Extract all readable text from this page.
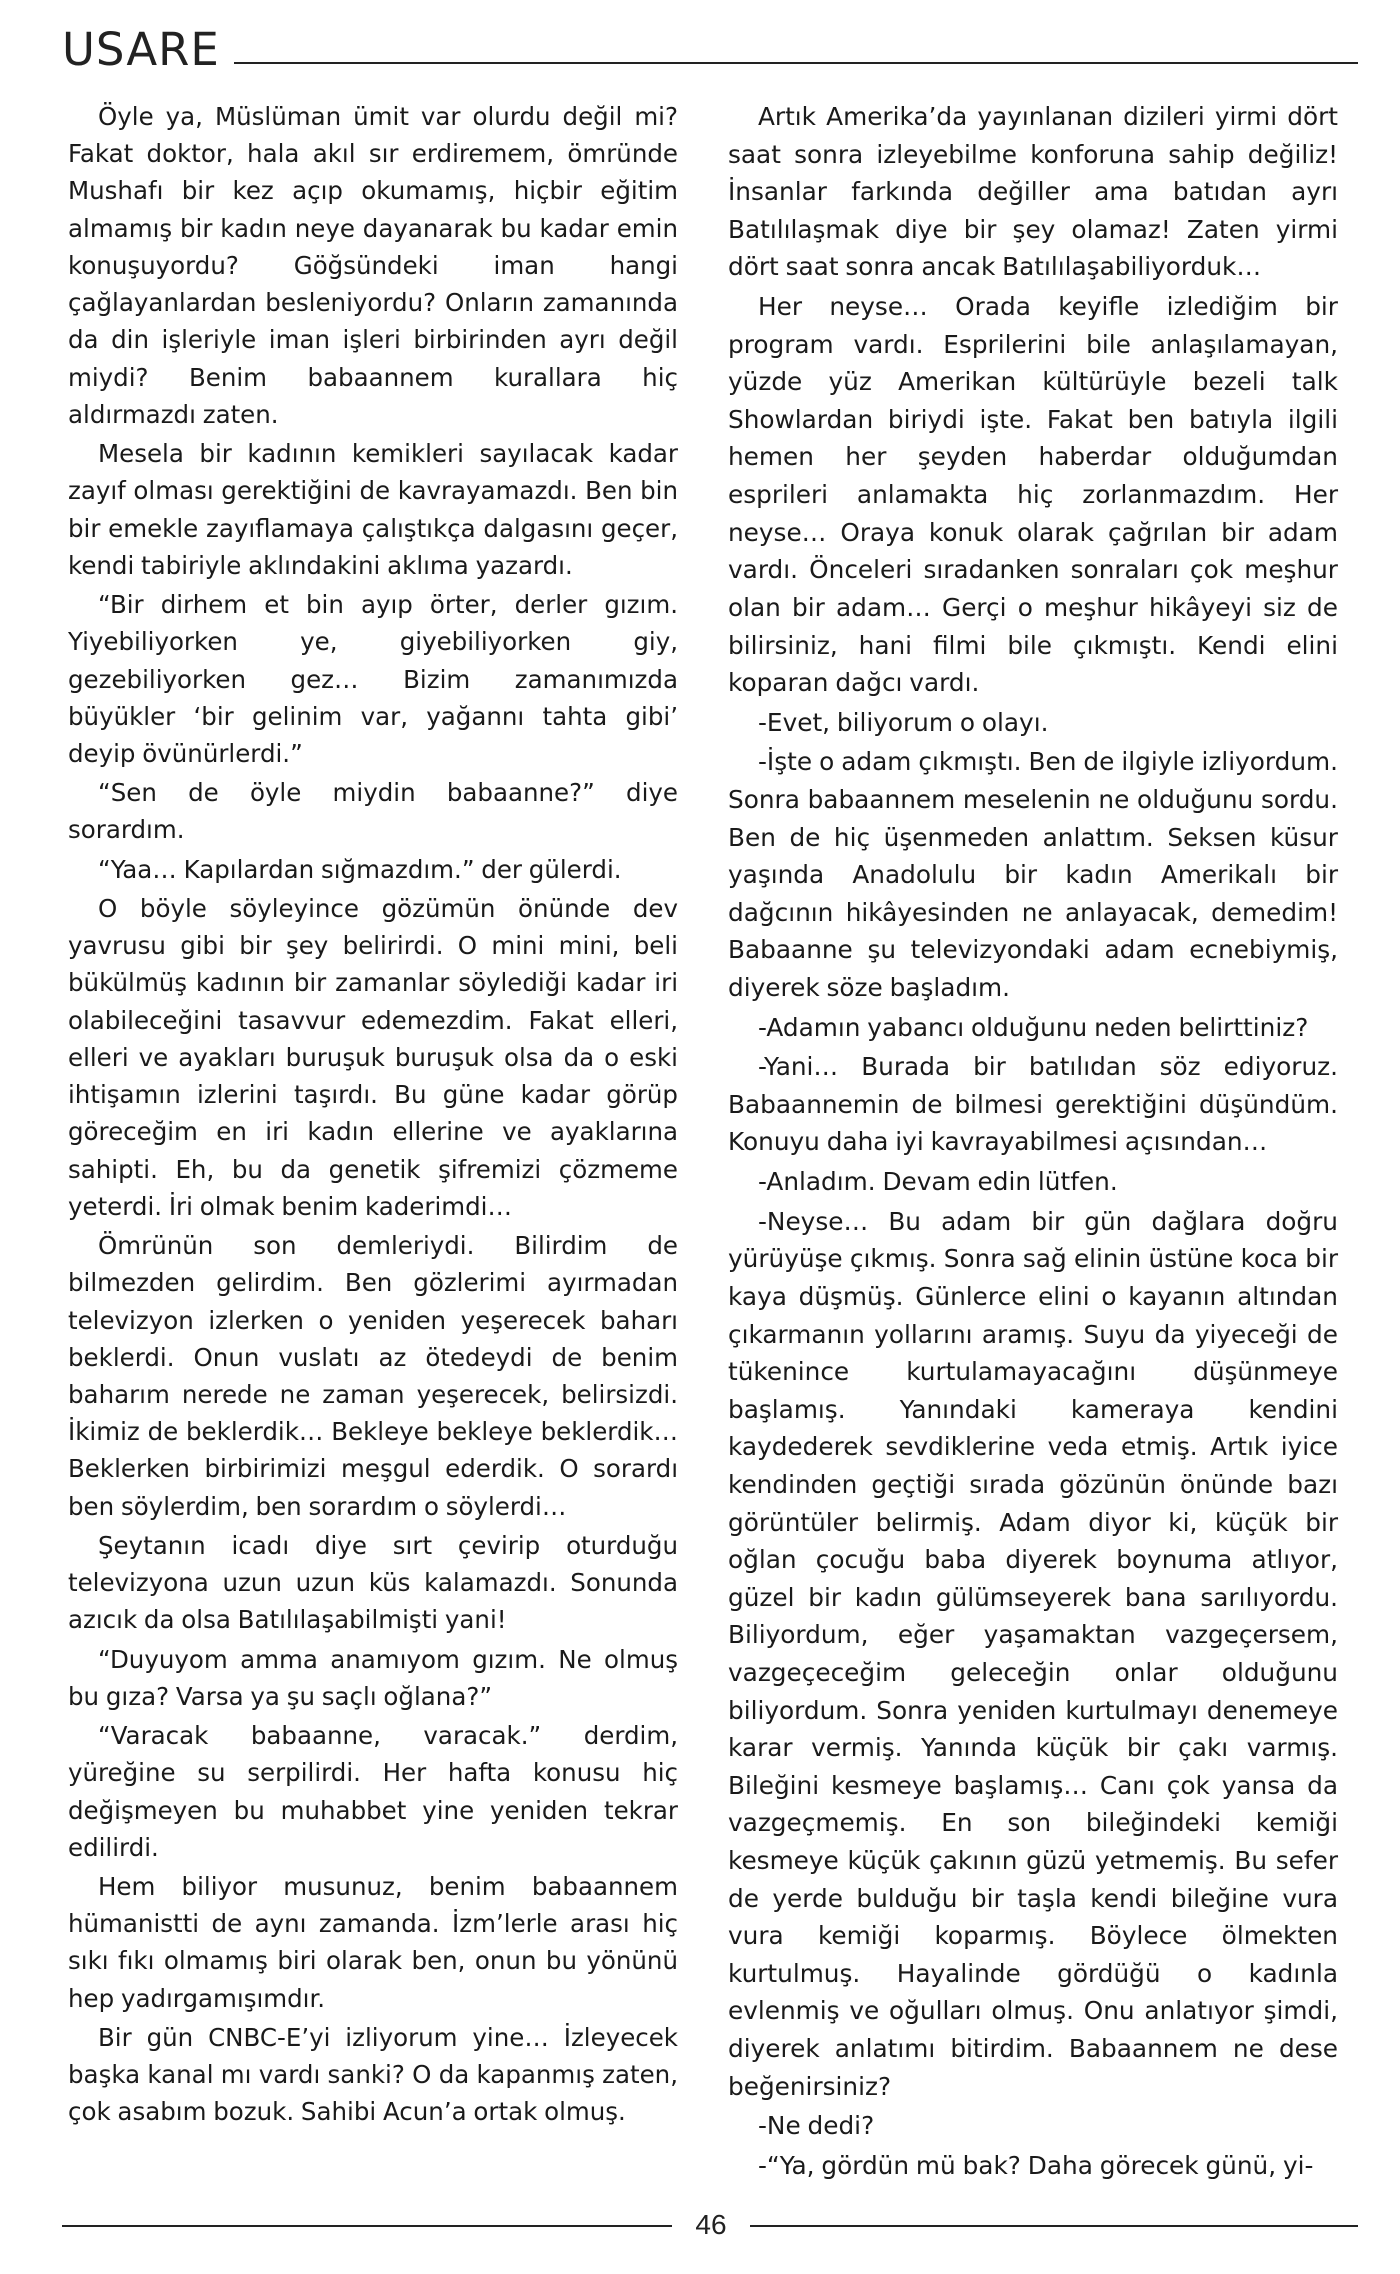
USARE

Öyle ya, Müslüman ümit var olurdu değil mi? Fakat doktor, hala akıl sır erdiremem, ömründe Mushafı bir kez açıp okumamış, hiçbir eğitim almamış bir kadın neye dayanarak bu kadar emin konuşuyordu? Göğsündeki iman hangi çağlayanlardan besleniyordu? Onların zamanında da din işleriyle iman işleri birbirinden ayrı değil miydi? Benim babaannem kurallara hiç aldırmazdı zaten.

Mesela bir kadının kemikleri sayılacak kadar zayıf olması gerektiğini de kavrayamazdı. Ben bin bir emekle zayıflamaya çalıştıkça dalgasını geçer, kendi tabiriyle aklındakini aklıma yazardı.

“Bir dirhem et bin ayıp örter, derler gızım. Yiyebiliyorken ye, giyebiliyorken giy, gezebiliyorken gez… Bizim zamanımızda büyükler ‘bir gelinim var, yağannı tahta gibi’ deyip övünürlerdi.”

“Sen de öyle miydin babaanne?” diye sorardım.

“Yaa… Kapılardan sığmazdım.” der gülerdi.

O böyle söyleyince gözümün önünde dev yavrusu gibi bir şey belirirdi. O mini mini, beli bükülmüş kadının bir zamanlar söylediği kadar iri olabileceğini tasavvur edemezdim. Fakat elleri, elleri ve ayakları buruşuk buruşuk olsa da o eski ihtişamın izlerini taşırdı. Bu güne kadar görüp göreceğim en iri kadın ellerine ve ayaklarına sahipti. Eh, bu da genetik şifremizi çözmeme yeterdi. İri olmak benim kaderimdi…

Ömrünün son demleriydi. Bilirdim de bilmezden gelirdim. Ben gözlerimi ayırmadan televizyon izlerken o yeniden yeşerecek baharı beklerdi. Onun vuslatı az ötedeydi de benim baharım nerede ne zaman yeşerecek, belirsizdi. İkimiz de beklerdik… Bekleye bekleye beklerdik… Beklerken birbirimizi meşgul ederdik. O sorardı ben söylerdim, ben sorardım o söylerdi…

Şeytanın icadı diye sırt çevirip oturduğu televizyona uzun uzun küs kalamazdı. Sonunda azıcık da olsa Batılılaşabilmişti yani!

“Duyuyom amma anamıyom gızım. Ne olmuş bu gıza? Varsa ya şu saçlı oğlana?”

“Varacak babaanne, varacak.” derdim, yüreğine su serpilirdi. Her hafta konusu hiç değişmeyen bu muhabbet yine yeniden tekrar edilirdi.

Hem biliyor musunuz, benim babaannem hümanistti de aynı zamanda. İzm’lerle arası hiç sıkı fıkı olmamış biri olarak ben, onun bu yönünü hep yadırgamışımdır.

Bir gün CNBC-E’yi izliyorum yine… İzleyecek başka kanal mı vardı sanki? O da kapanmış zaten, çok asabım bozuk. Sahibi Acun’a ortak olmuş.

Artık Amerika’da yayınlanan dizileri yirmi dört saat sonra izleyebilme konforuna sahip değiliz! İnsanlar farkında değiller ama batıdan ayrı Batılılaşmak diye bir şey olamaz! Zaten yirmi dört saat sonra ancak Batılılaşabiliyorduk…

Her neyse… Orada keyifle izlediğim bir program vardı. Esprilerini bile anlaşılamayan, yüzde yüz Amerikan kültürüyle bezeli talk Showlardan biriydi işte. Fakat ben batıyla ilgili hemen her şeyden haberdar olduğumdan esprileri anlamakta hiç zorlanmazdım. Her neyse… Oraya konuk olarak çağrılan bir adam vardı. Önceleri sıradanken sonraları çok meşhur olan bir adam… Gerçi o meşhur hikâyeyi siz de bilirsiniz, hani filmi bile çıkmıştı. Kendi elini koparan dağcı vardı.

-Evet, biliyorum o olayı.

-İşte o adam çıkmıştı. Ben de ilgiyle izliyordum. Sonra babaannem meselenin ne olduğunu sordu. Ben de hiç üşenmeden anlattım. Seksen küsur yaşında Anadolulu bir kadın Amerikalı bir dağcının hikâyesinden ne anlayacak, demedim! Babaanne şu televizyondaki adam ecnebiymiş, diyerek söze başladım.

-Adamın yabancı olduğunu neden belirttiniz?

-Yani… Burada bir batılıdan söz ediyoruz. Babaannemin de bilmesi gerektiğini düşündüm. Konuyu daha iyi kavrayabilmesi açısından…

-Anladım. Devam edin lütfen.

-Neyse… Bu adam bir gün dağlara doğru yürüyüşe çıkmış. Sonra sağ elinin üstüne koca bir kaya düşmüş. Günlerce elini o kayanın altından çıkarmanın yollarını aramış. Suyu da yiyeceği de tükenince kurtulamayacağını düşünmeye başlamış. Yanındaki kameraya kendini kaydederek sevdiklerine veda etmiş. Artık iyice kendinden geçtiği sırada gözünün önünde bazı görüntüler belirmiş. Adam diyor ki, küçük bir oğlan çocuğu baba diyerek boynuma atlıyor, güzel bir kadın gülümseyerek bana sarılıyordu. Biliyordum, eğer yaşamaktan vazgeçersem, vazgeçeceğim geleceğin onlar olduğunu biliyordum. Sonra yeniden kurtulmayı denemeye karar vermiş. Yanında küçük bir çakı varmış. Bileğini kesmeye başlamış… Canı çok yansa da vazgeçmemiş. En son bileğindeki kemiği kesmeye küçük çakının güzü yetmemiş. Bu sefer de yerde bulduğu bir taşla kendi bileğine vura vura kemiği koparmış. Böylece ölmekten kurtulmuş. Hayalinde gördüğü o kadınla evlenmiş ve oğulları olmuş. Onu anlatıyor şimdi, diyerek anlatımı bitirdim. Babaannem ne dese beğenirsiniz?

-Ne dedi?

-“Ya, gördün mü bak? Daha görecek günü, yi-

46
